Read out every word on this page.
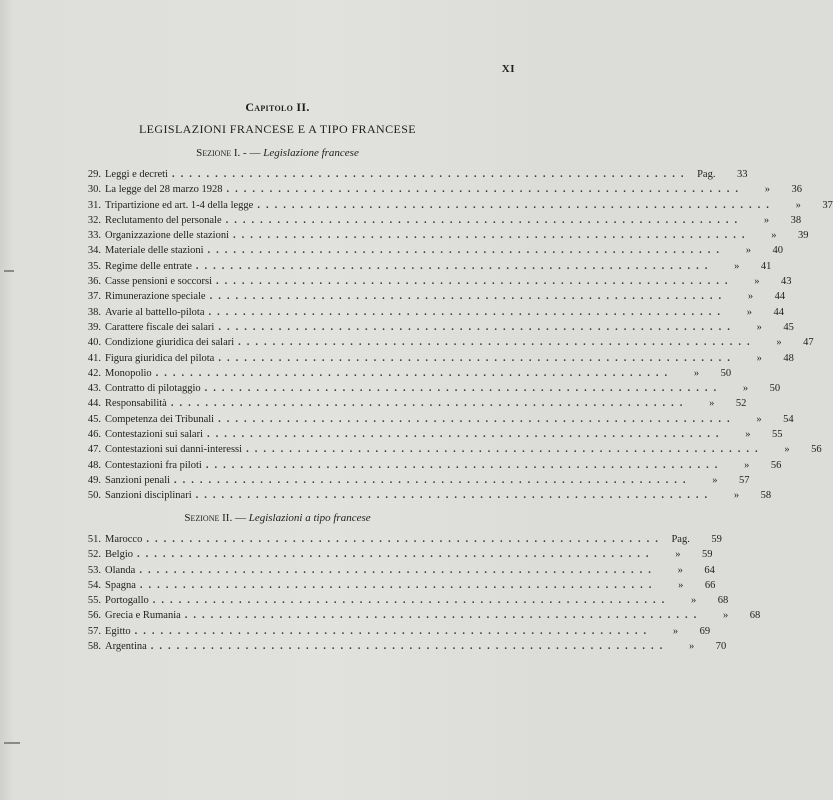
XI
Capitolo II.
LEGISLAZIONI FRANCESE E A TIPO FRANCESE
Sezione I. - — Legislazione francese
29. Leggi e decreti ............................................................ Pag.	33
30. La legge del 28 marzo 1928 ............................................................	»	36
31. Tripartizione ed art. 1-4 della legge ............................................................	»	37
32. Reclutamento del personale ............................................................	»	38
33. Organizzazione delle stazioni ............................................................	»	39
34. Materiale delle stazioni ............................................................	»	40
35. Regime delle entrate ............................................................	»	41
36. Casse pensioni e soccorsi ............................................................	»	43
37. Rimunerazione speciale ............................................................	»	44
38. Avarie al battello-pilota ............................................................	»	44
39. Carattere fiscale dei salari ............................................................	»	45
40. Condizione giuridica dei salari ............................................................	»	47
41. Figura giuridica del pilota ............................................................	»	48
42. Monopolio ............................................................	»	50
43. Contratto di pilotaggio ............................................................	»	50
44. Responsabilità ............................................................	»	52
45. Competenza dei Tribunali ............................................................	»	54
46. Contestazioni sui salari ............................................................	»	55
47. Contestazioni sui danni-interessi ............................................................	»	56
48. Contestazioni fra piloti ............................................................	»	56
49. Sanzioni penali ............................................................	»	57
50. Sanzioni disciplinari ............................................................	»	58
Sezione II. — Legislazioni a tipo francese
51. Marocco ............................................................ Pag.	59
52. Belgio ............................................................	»	59
53. Olanda ............................................................	»	64
54. Spagna ............................................................	»	66
55. Portogallo ............................................................	»	68
56. Grecia e Rumania ............................................................	»	68
57. Egitto ............................................................	»	69
58. Argentina ............................................................	»	70
